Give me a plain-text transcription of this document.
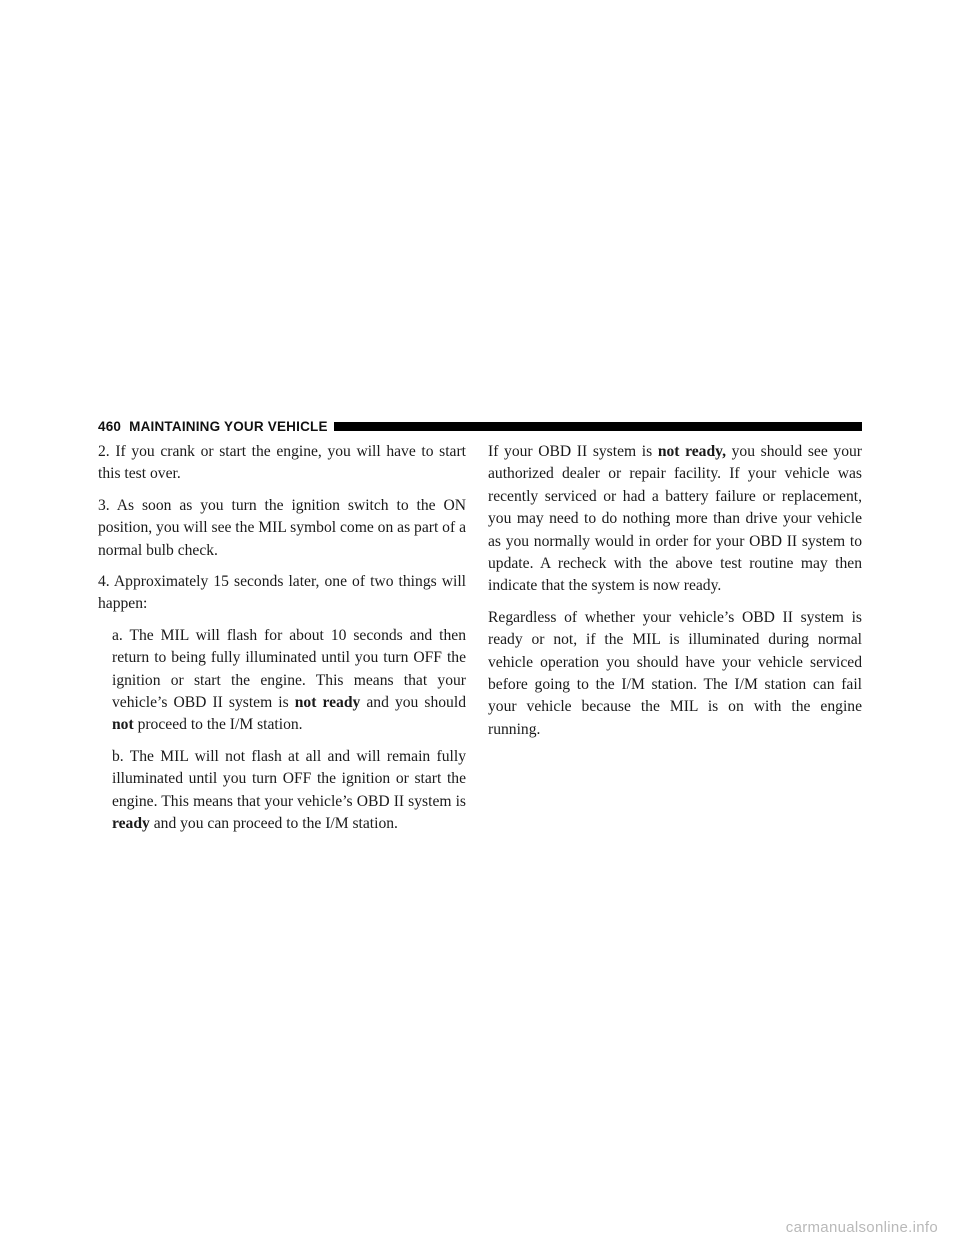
460 MAINTAINING YOUR VEHICLE

2. If you crank or start the engine, you will have to start this test over.

3. As soon as you turn the ignition switch to the ON position, you will see the MIL symbol come on as part of a normal bulb check.

4. Approximately 15 seconds later, one of two things will happen:

a. The MIL will flash for about 10 seconds and then return to being fully illuminated until you turn OFF the ignition or start the engine. This means that your vehicle’s OBD II system is not ready and you should not proceed to the I/M station.

b. The MIL will not flash at all and will remain fully illuminated until you turn OFF the ignition or start the engine. This means that your vehicle’s OBD II system is ready and you can proceed to the I/M station.

If your OBD II system is not ready, you should see your authorized dealer or repair facility. If your vehicle was recently serviced or had a battery failure or replacement, you may need to do nothing more than drive your vehicle as you normally would in order for your OBD II system to update. A recheck with the above test routine may then indicate that the system is now ready.

Regardless of whether your vehicle’s OBD II system is ready or not, if the MIL is illuminated during normal vehicle operation you should have your vehicle serviced before going to the I/M station. The I/M station can fail your vehicle because the MIL is on with the engine running.

carmanualsonline.info
